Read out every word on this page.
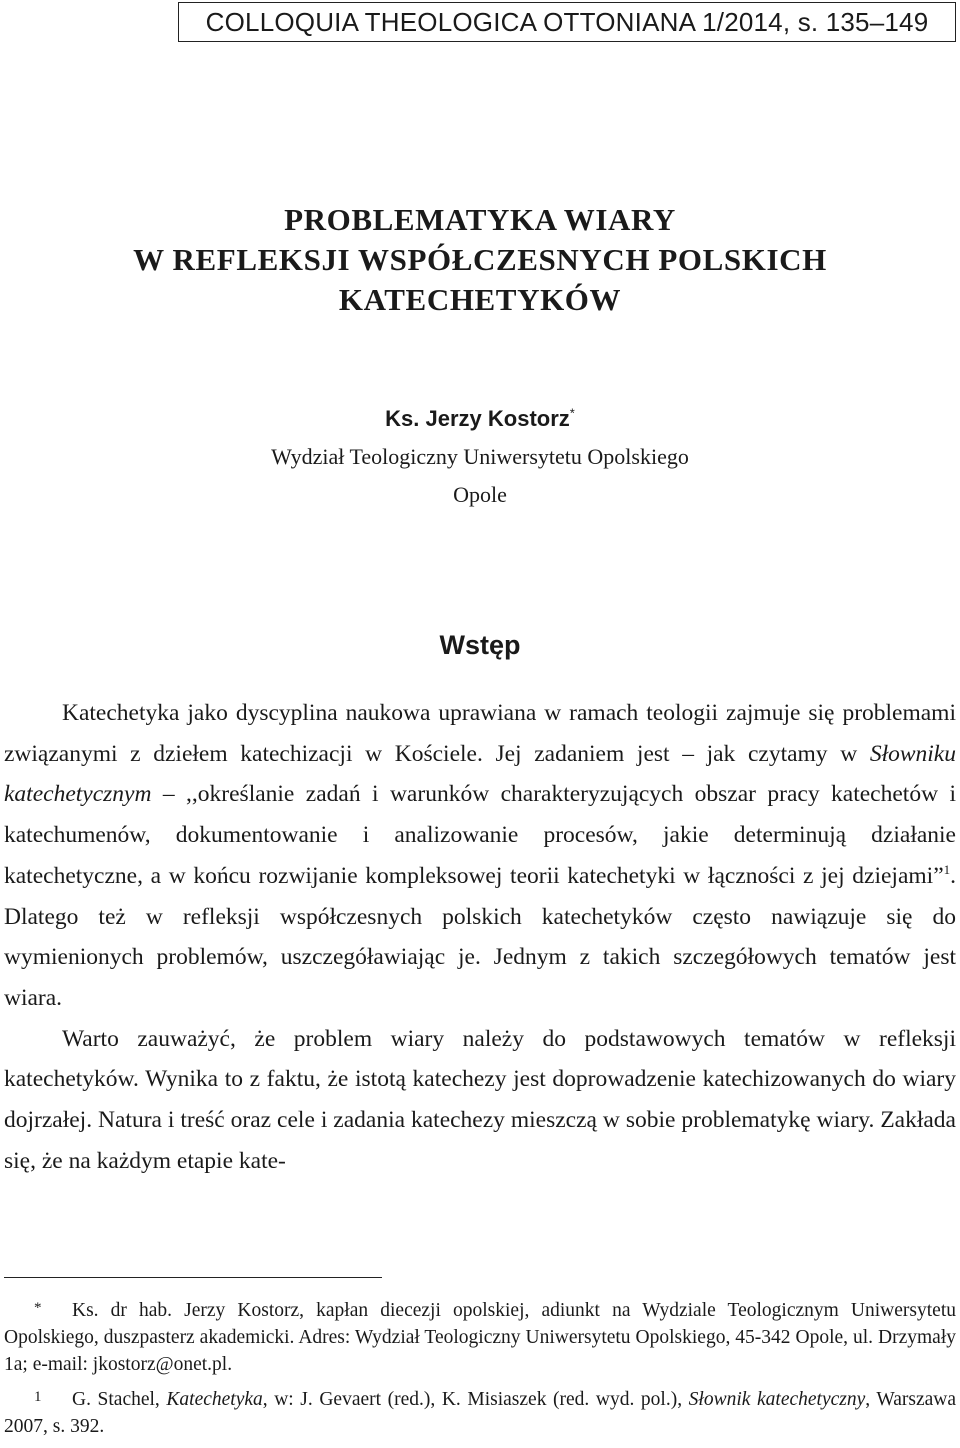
COLLOQUIA THEOLOGICA OTTONIANA 1/2014, s. 135–149
PROBLEMATYKA WIARY
W REFLEKSJI WSPÓŁCZESNYCH POLSKICH
KATECHETYKÓW
Ks. Jerzy Kostorz*
Wydział Teologiczny Uniwersytetu Opolskiego
Opole
Wstęp

Katechetyka jako dyscyplina naukowa uprawiana w ramach teologii zajmuje się problemami związanymi z dziełem katechizacji w Kościele. Jej zadaniem jest – jak czytamy w Słowniku katechetycznym – ,,określanie zadań i warunków charakteryzujących obszar pracy katechetów i katechumenów, dokumentowanie i analizowanie procesów, jakie determinują działanie katechetyczne, a w końcu rozwijanie kompleksowej teorii katechetyki w łączności z jej dziejami”$^1$. Dlatego też w refleksji współczesnych polskich katechetyków często nawiązuje się do wymienionych problemów, uszczegóławiając je. Jednym z takich szczegółowych tematów jest wiara.

Warto zauważyć, że problem wiary należy do podstawowych tematów w refleksji katechetyków. Wynika to z faktu, że istotą katechezy jest doprowadzenie katechizowanych do wiary dojrzałej. Natura i treść oraz cele i zadania katechezy mieszczą w sobie problematykę wiary. Zakłada się, że na każdym etapie kate-

* Ks. dr hab. Jerzy Kostorz, kapłan diecezji opolskiej, adiunkt na Wydziale Teologicznym Uniwersytetu Opolskiego, duszpasterz akademicki. Adres: Wydział Teologiczny Uniwersytetu Opolskiego, 45-342 Opole, ul. Drzymały 1a; e-mail: jkostorz@onet.pl.

1 G. Stachel, Katechetyka, w: J. Gevaert (red.), K. Misiaszek (red. wyd. pol.), Słownik katechetyczny, Warszawa 2007, s. 392.
